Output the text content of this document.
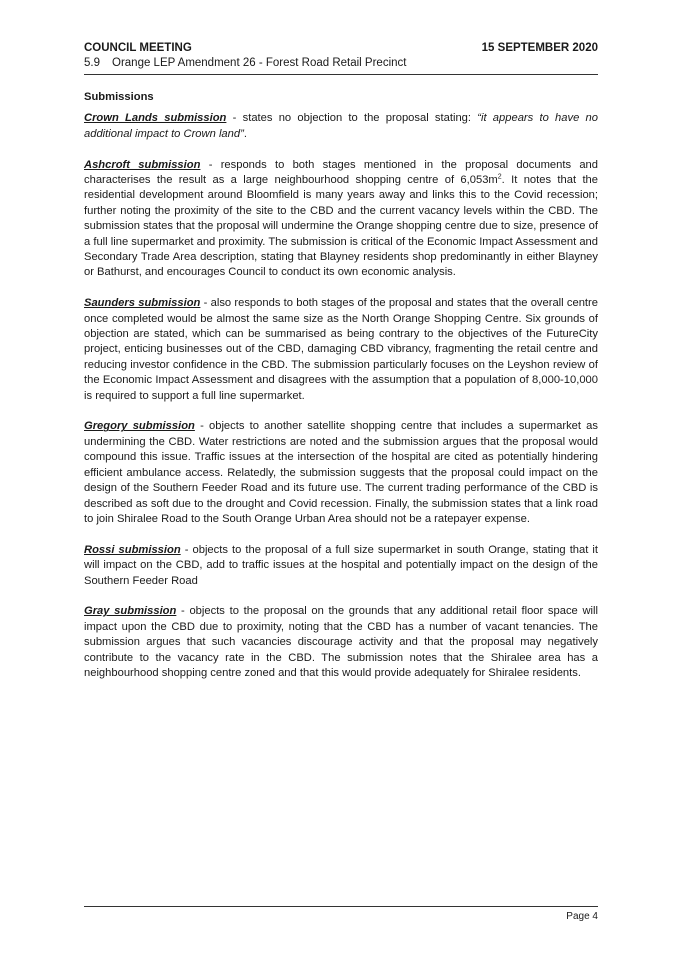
COUNCIL MEETING	15 SEPTEMBER 2020
5.9 Orange LEP Amendment 26 - Forest Road Retail Precinct
Submissions

Crown Lands submission - states no objection to the proposal stating: “it appears to have no additional impact to Crown land”.

Ashcroft submission - responds to both stages mentioned in the proposal documents and characterises the result as a large neighbourhood shopping centre of $6,053m^2$. It notes that the residential development around Bloomfield is many years away and links this to the Covid recession; further noting the proximity of the site to the CBD and the current vacancy levels within the CBD. The submission states that the proposal will undermine the Orange shopping centre due to size, presence of a full line supermarket and proximity. The submission is critical of the Economic Impact Assessment and Secondary Trade Area description, stating that Blayney residents shop predominantly in either Blayney or Bathurst, and encourages Council to conduct its own economic analysis.

Saunders submission - also responds to both stages of the proposal and states that the overall centre once completed would be almost the same size as the North Orange Shopping Centre. Six grounds of objection are stated, which can be summarised as being contrary to the objectives of the FutureCity project, enticing businesses out of the CBD, damaging CBD vibrancy, fragmenting the retail centre and reducing investor confidence in the CBD. The submission particularly focuses on the Leyshon review of the Economic Impact Assessment and disagrees with the assumption that a population of 8,000-10,000 is required to support a full line supermarket.

Gregory submission - objects to another satellite shopping centre that includes a supermarket as undermining the CBD. Water restrictions are noted and the submission argues that the proposal would compound this issue. Traffic issues at the intersection of the hospital are cited as potentially hindering efficient ambulance access. Relatedly, the submission suggests that the proposal could impact on the design of the Southern Feeder Road and its future use. The current trading performance of the CBD is described as soft due to the drought and Covid recession. Finally, the submission states that a link road to join Shiralee Road to the South Orange Urban Area should not be a ratepayer expense.

Rossi submission - objects to the proposal of a full size supermarket in south Orange, stating that it will impact on the CBD, add to traffic issues at the hospital and potentially impact on the design of the Southern Feeder Road

Gray submission - objects to the proposal on the grounds that any additional retail floor space will impact upon the CBD due to proximity, noting that the CBD has a number of vacant tenancies. The submission argues that such vacancies discourage activity and that the proposal may negatively contribute to the vacancy rate in the CBD. The submission notes that the Shiralee area has a neighbourhood shopping centre zoned and that this would provide adequately for Shiralee residents.

Page 4
